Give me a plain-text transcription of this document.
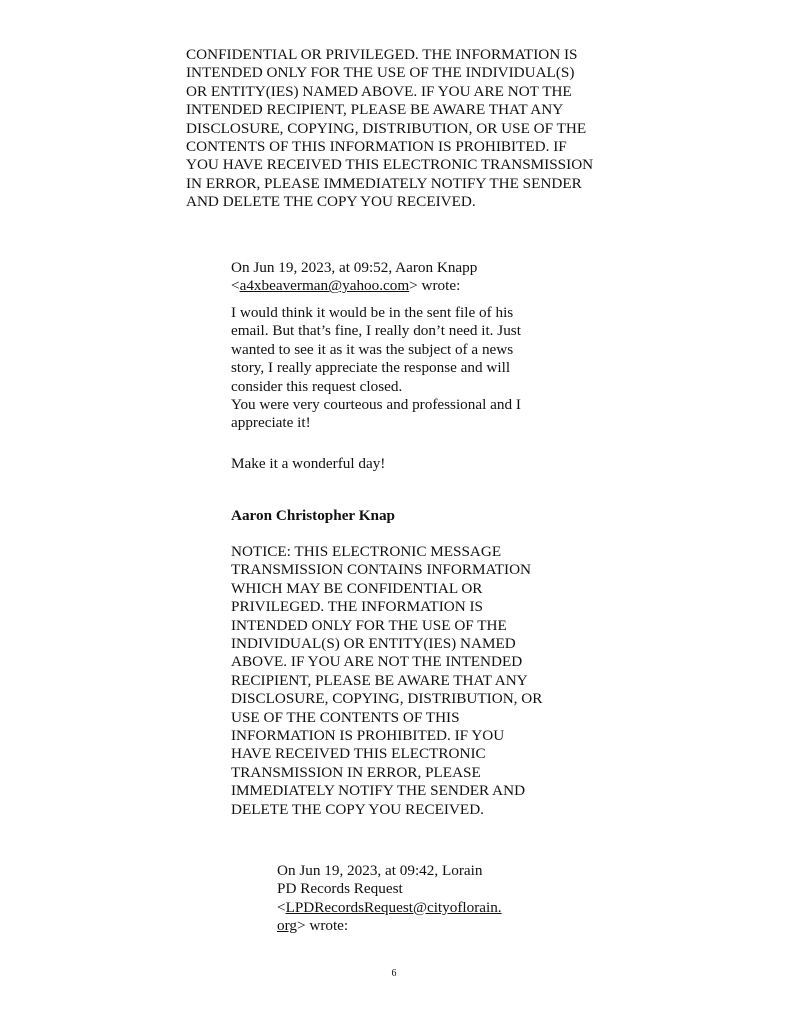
CONFIDENTIAL OR PRIVILEGED. THE INFORMATION IS
INTENDED ONLY FOR THE USE OF THE INDIVIDUAL(S)
OR ENTITY(IES) NAMED ABOVE. IF YOU ARE NOT THE
INTENDED RECIPIENT, PLEASE BE AWARE THAT ANY
DISCLOSURE, COPYING, DISTRIBUTION, OR USE OF THE
CONTENTS OF THIS INFORMATION IS PROHIBITED. IF
YOU HAVE RECEIVED THIS ELECTRONIC TRANSMISSION
IN ERROR, PLEASE IMMEDIATELY NOTIFY THE SENDER
AND DELETE THE COPY YOU RECEIVED.

On Jun 19, 2023, at 09:52, Aaron Knapp
<a4xbeaverman@yahoo.com> wrote:

I would think it would be in the sent file of his
email. But that’s fine, I really don’t need it. Just
wanted to see it as it was the subject of a news
story, I really appreciate the response and will
consider this request closed.
You were very courteous and professional and I
appreciate it!

Make it a wonderful day!

Aaron Christopher Knap

NOTICE: THIS ELECTRONIC MESSAGE
TRANSMISSION CONTAINS INFORMATION
WHICH MAY BE CONFIDENTIAL OR
PRIVILEGED. THE INFORMATION IS
INTENDED ONLY FOR THE USE OF THE
INDIVIDUAL(S) OR ENTITY(IES) NAMED
ABOVE. IF YOU ARE NOT THE INTENDED
RECIPIENT, PLEASE BE AWARE THAT ANY
DISCLOSURE, COPYING, DISTRIBUTION, OR
USE OF THE CONTENTS OF THIS
INFORMATION IS PROHIBITED. IF YOU
HAVE RECEIVED THIS ELECTRONIC
TRANSMISSION IN ERROR, PLEASE
IMMEDIATELY NOTIFY THE SENDER AND
DELETE THE COPY YOU RECEIVED.

On Jun 19, 2023, at 09:42, Lorain
PD Records Request
<LPDRecordsRequest@cityoflorain.
org> wrote:
6
